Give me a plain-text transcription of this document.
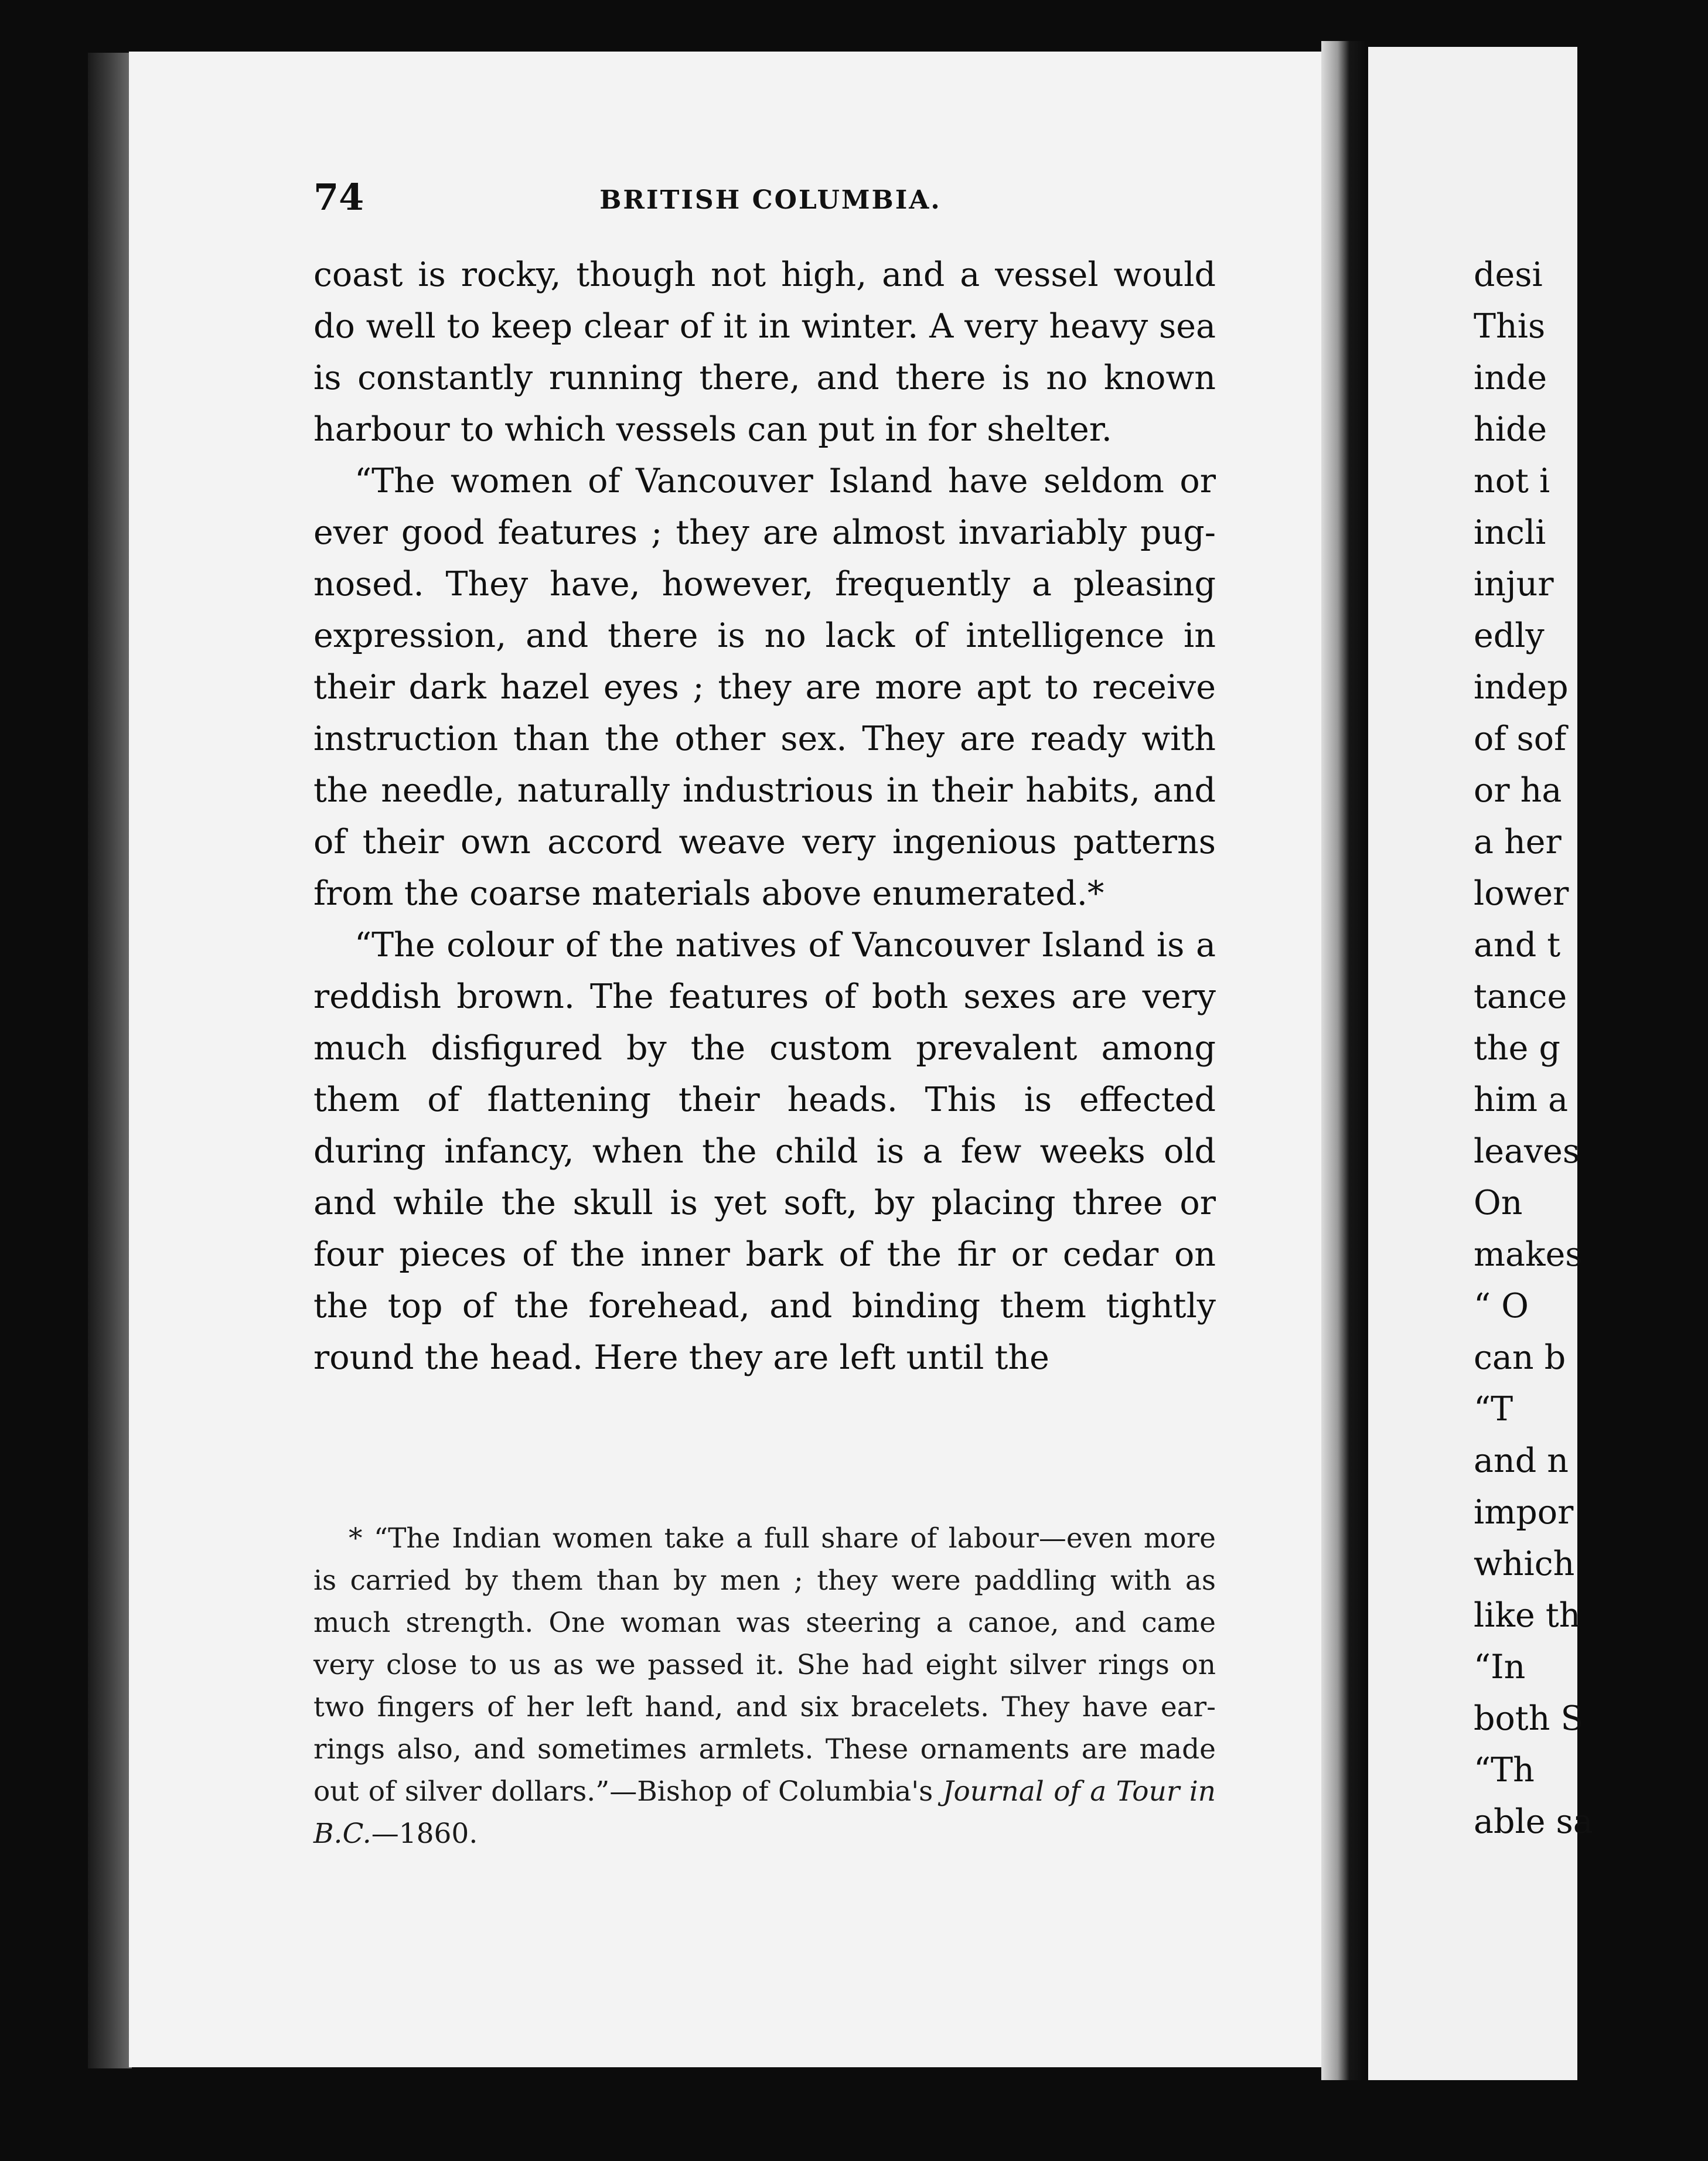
74	BRITISH COLUMBIA.

coast is rocky, though not high, and a vessel would do well to keep clear of it in winter. A very heavy sea is constantly running there, and there is no known harbour to which vessels can put in for shelter.

“The women of Vancouver Island have seldom or ever good features ; they are almost invariably pug-nosed. They have, however, frequently a pleasing expression, and there is no lack of intelligence in their dark hazel eyes ; they are more apt to receive instruction than the other sex. They are ready with the needle, naturally industrious in their habits, and of their own accord weave very ingenious patterns from the coarse materials above enumerated.*

“The colour of the natives of Vancouver Island is a reddish brown. The features of both sexes are very much disfigured by the custom prevalent among them of flattening their heads. This is effected during infancy, when the child is a few weeks old and while the skull is yet soft, by placing three or four pieces of the inner bark of the fir or cedar on the top of the forehead, and binding them tightly round the head. Here they are left until the

* “The Indian women take a full share of labour—even more is carried by them than by men ; they were paddling with as much strength. One woman was steering a canoe, and came very close to us as we passed it. She had eight silver rings on two fingers of her left hand, and six bracelets. They have ear-rings also, and sometimes armlets. These ornaments are made out of silver dollars.”—Bishop of Columbia's Journal of a Tour in B.C.—1860.

desi
This
inde
hide
not i
incli
injur
edly
indep
of sof
or ha
a her
lower
and t
tance
the g
him a
leaves
On
makes
“ O
can b
“T
and n
impor
which
like th
“In
both S
“Th
able sa
